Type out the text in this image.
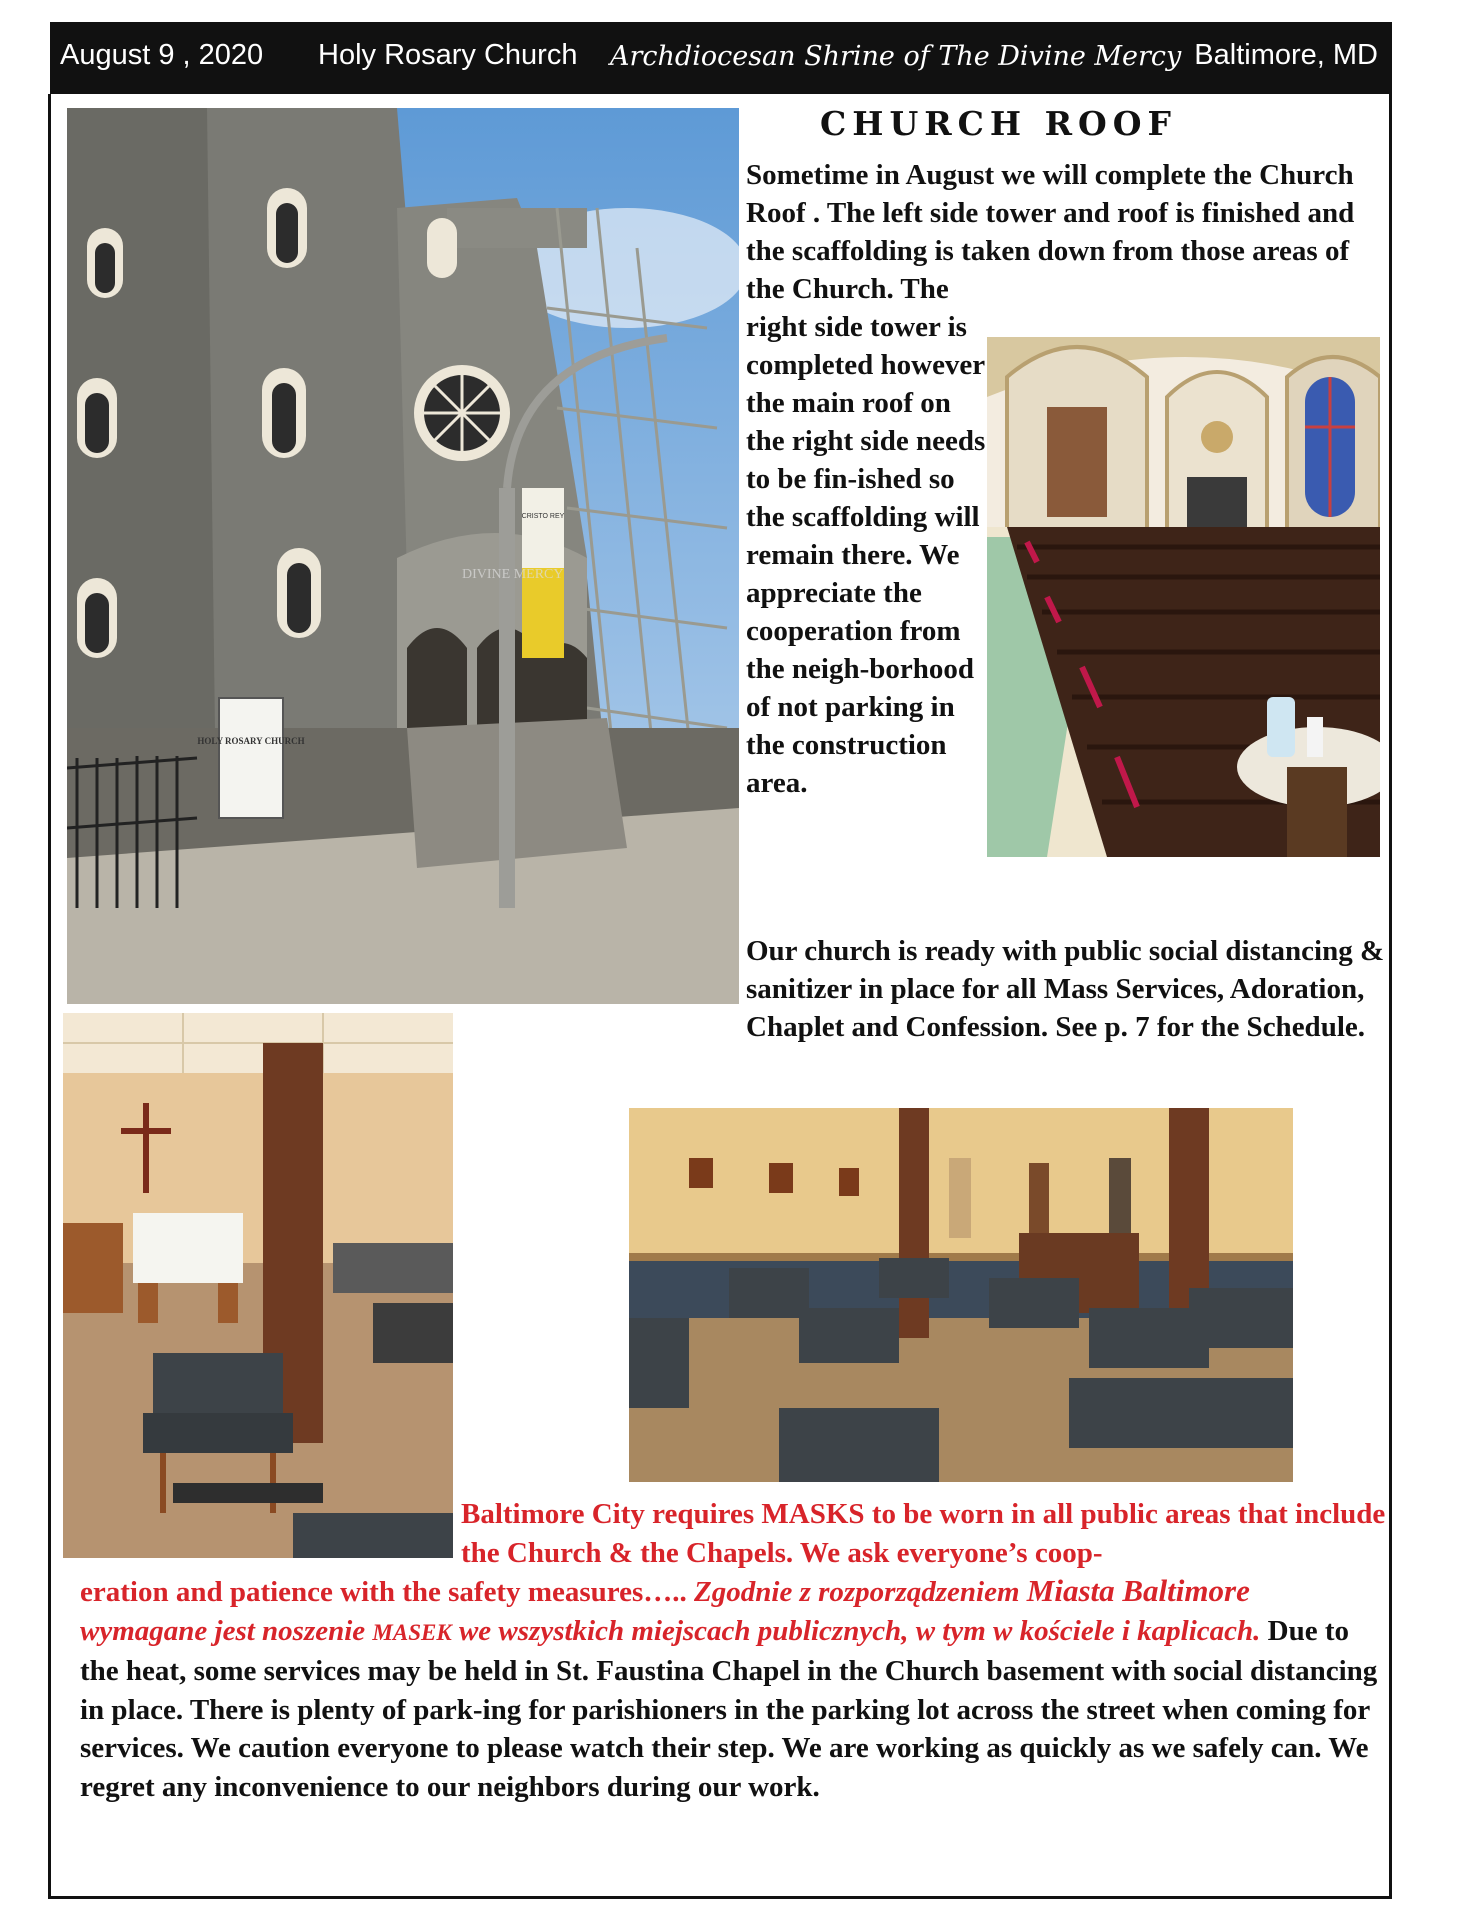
August 9 , 2020 Holy Rosary Church Archdiocesan Shrine of The Divine Mercy Baltimore, MD
HOLY ROSARY CHURCH
CRISTO REY
DIVINE MERCY
CHURCH ROOF

Sometime in August we will complete the Church Roof . The left side tower and roof is finished and the scaffolding is taken down from those areas of the Church. The

right side tower is completed however the main roof on the right side needs to be fin-ished so the scaffolding will remain there. We appreciate the cooperation from the neigh-borhood of not parking in the construction area.

Our church is ready with public social distancing & sanitizer in place for all Mass Services, Adoration, Chaplet and Confession. See p. 7 for the Schedule.

Baltimore City requires MASKS to be worn in all public areas that include the Church & the Chapels. We ask everyone’s coop-

eration and patience with the safety measures….. Zgodnie z rozporządzeniem Miasta Baltimore wymagane jest noszenie MASEK we wszystkich miejscach publicznych, w tym w kościele i kaplicach. Due to the heat, some services may be held in St. Faustina Chapel in the Church basement with social distancing in place. There is plenty of park-ing for parishioners in the parking lot across the street when coming for services. We caution everyone to please watch their step. We are working as quickly as we safely can. We regret any inconvenience to our neighbors during our work.
